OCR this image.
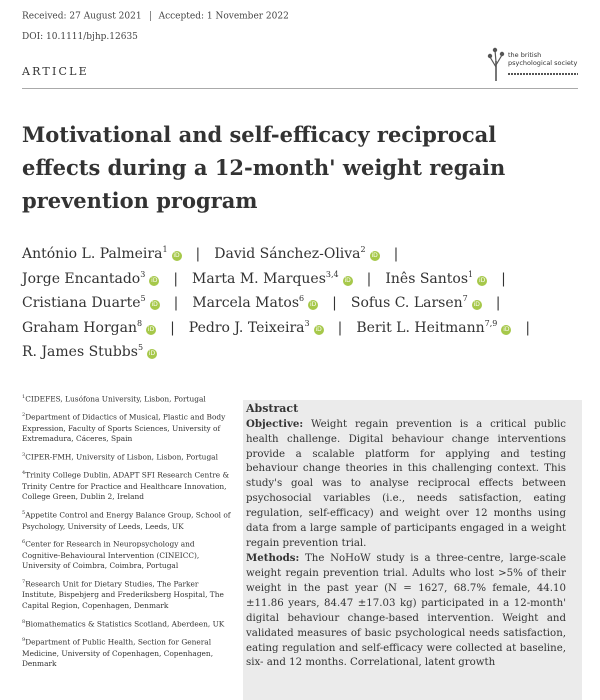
Received: 27 August 2021 Accepted: 1 November 2022
DOI: 10.1111/bjhp.12635
the british
psychological society
ARTICLE
Motivational and self-efficacy reciprocal effects during a 12-month' weight regain prevention program
António L. Palmeira$^1$iD | David Sánchez-Oliva$^2$iD |
Jorge Encantado$^3$iD | Marta M. Marques$^{3,4}$iD | Inês Santos$^1$iD |
Cristiana Duarte$^5$iD | Marcela Matos$^6$iD | Sofus C. Larsen$^7$iD |
Graham Horgan$^8$iD | Pedro J. Teixeira$^3$iD | Berit L. Heitmann$^{7,9}$iD |
R. James Stubbs$^5$iD
$^1$CIDEFES, Lusófona University, Lisbon, Portugal
$^2$Department of Didactics of Musical, Plastic and Body Expression, Faculty of Sports Sciences, University of Extremadura, Cáceres, Spain
$^3$CIPER-FMH, University of Lisbon, Lisbon, Portugal
$^4$Trinity College Dublin, ADAPT SFI Research Centre & Trinity Centre for Practice and Healthcare Innovation, College Green, Dublin 2, Ireland
$^5$Appetite Control and Energy Balance Group, School of Psychology, University of Leeds, Leeds, UK
$^6$Center for Research in Neuropsychology and Cognitive-Behavioural Intervention (CINEICC), University of Coimbra, Coimbra, Portugal
$^7$Research Unit for Dietary Studies, The Parker Institute, Bispebjerg and Frederiksberg Hospital, The Capital Region, Copenhagen, Denmark
$^8$Biomathematics & Statistics Scotland, Aberdeen, UK
$^9$Department of Public Health, Section for General Medicine, University of Copenhagen, Copenhagen, Denmark
Abstract
Objective: Weight regain prevention is a critical public health challenge. Digital behaviour change interventions provide a scalable platform for applying and testing behaviour change theories in this challenging context. This study's goal was to analyse reciprocal effects between psychosocial variables (i.e., needs satisfaction, eating regulation, self-efficacy) and weight over 12 months using data from a large sample of participants engaged in a weight regain prevention trial.
Methods: The NoHoW study is a three-centre, large-scale weight regain prevention trial. Adults who lost >5% of their weight in the past year (N = 1627, 68.7% female, 44.10 ±11.86 years, 84.47 ±17.03 kg) participated in a 12-month' digital behaviour change-based intervention. Weight and validated measures of basic psychological needs satisfaction, eating regulation and self-efficacy were collected at baseline, six- and 12 months. Correlational, latent growth
